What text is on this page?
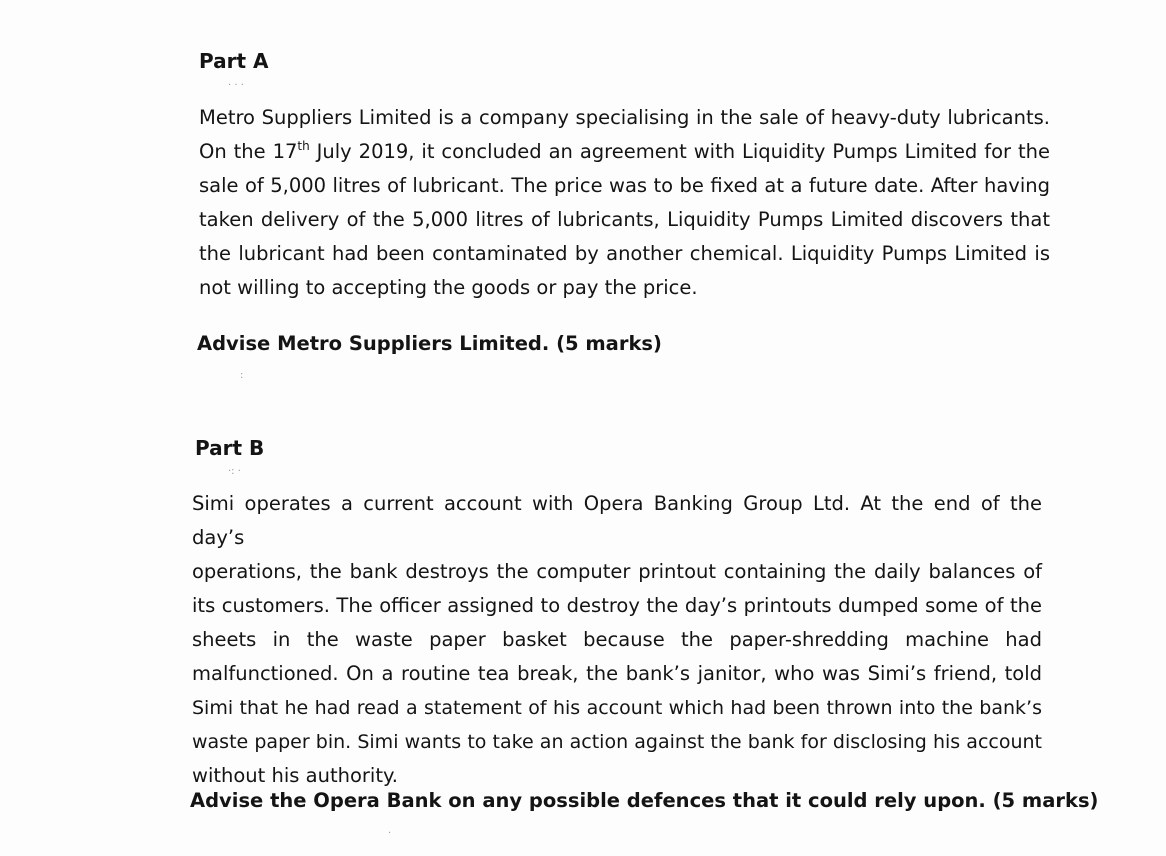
Part A
· · ·
Metro Suppliers Limited is a company specialising in the sale of heavy-duty lubricants.
On the 17th July 2019, it concluded an agreement with Liquidity Pumps Limited for the
sale of 5,000 litres of lubricant. The price was to be fixed at a future date. After having
taken delivery of the 5,000 litres of lubricants, Liquidity Pumps Limited discovers that
the lubricant had been contaminated by another chemical. Liquidity Pumps Limited is
not willing to accepting the goods or pay the price.

Advise Metro Suppliers Limited. (5 marks)

:
Part B
·: ·
Simi operates a current account with Opera Banking Group Ltd. At the end of the day’s
operations, the bank destroys the computer printout containing the daily balances of
its customers. The officer assigned to destroy the day’s printouts dumped some of the
sheets in the waste paper basket because the paper-shredding machine had
malfunctioned. On a routine tea break, the bank’s janitor, who was Simi’s friend, told
Simi that he had read a statement of his account which had been thrown into the bank’s
waste paper bin. Simi wants to take an action against the bank for disclosing his account
without his authority.

Advise the Opera Bank on any possible defences that it could rely upon. (5 marks)

·
